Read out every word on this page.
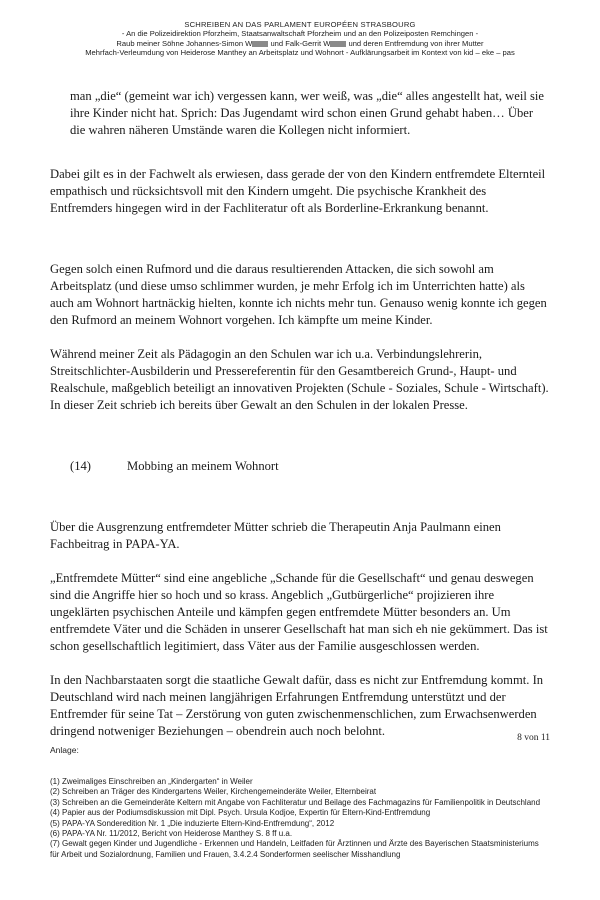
SCHREIBEN AN DAS PARLAMENT EUROPÉEN STRASBOURG
- An die Polizeidirektion Pforzheim, Staatsanwaltschaft Pforzheim und an den Polizeiposten Remchingen -
Raub meiner Söhne Johannes-Simon W und Falk-Gerrit W und deren Entfremdung von ihrer Mutter
Mehrfach-Verleumdung von Heiderose Manthey an Arbeitsplatz und Wohnort - Aufklärungsarbeit im Kontext von kid – eke – pas

man „die“ (gemeint war ich) vergessen kann, wer weiß, was „die“ alles angestellt hat, weil sie ihre Kinder nicht hat. Sprich: Das Jugendamt wird schon einen Grund gehabt haben… Über die wahren näheren Umstände waren die Kollegen nicht informiert.

Dabei gilt es in der Fachwelt als erwiesen, dass gerade der von den Kindern entfremdete Elternteil empathisch und rücksichtsvoll mit den Kindern umgeht. Die psychische Krankheit des Entfremders hingegen wird in der Fachliteratur oft als Borderline-Erkrankung benannt.

Gegen solch einen Rufmord und die daraus resultierenden Attacken, die sich sowohl am Arbeitsplatz (und diese umso schlimmer wurden, je mehr Erfolg ich im Unterrichten hatte) als auch am Wohnort hartnäckig hielten, konnte ich nichts mehr tun. Genauso wenig konnte ich gegen den Rufmord an meinem Wohnort vorgehen. Ich kämpfte um meine Kinder.

Während meiner Zeit als Pädagogin an den Schulen war ich u.a. Verbindungslehrerin, Streitschlichter-Ausbilderin und Pressereferentin für den Gesamtbereich Grund-, Haupt- und Realschule, maßgeblich beteiligt an innovativen Projekten (Schule - Soziales, Schule - Wirtschaft). In dieser Zeit schrieb ich bereits über Gewalt an den Schulen in der lokalen Presse.

(14)	Mobbing an meinem Wohnort

Über die Ausgrenzung entfremdeter Mütter schrieb die Therapeutin Anja Paulmann einen Fachbeitrag in PAPA-YA.

„Entfremdete Mütter“ sind eine angebliche „Schande für die Gesellschaft“ und genau deswegen sind die Angriffe hier so hoch und so krass. Angeblich „Gutbürgerliche“ projizieren ihre ungeklärten psychischen Anteile und kämpfen gegen entfremdete Mütter besonders an. Um entfremdete Väter und die Schäden in unserer Gesellschaft hat man sich eh nie gekümmert. Das ist schon gesellschaftlich legitimiert, dass Väter aus der Familie ausgeschlossen werden.

In den Nachbarstaaten sorgt die staatliche Gewalt dafür, dass es nicht zur Entfremdung kommt. In Deutschland wird nach meinen langjährigen Erfahrungen Entfremdung unterstützt und der Entfremder für seine Tat – Zerstörung von guten zwischenmenschlichen, zum Erwachsenwerden dringend notweniger Beziehungen – obendrein auch noch belohnt.	8 von 11
Anlage:
(1) Zweimaliges Einschreiben an „Kindergarten“ in Weiler
(2) Schreiben an Träger des Kindergartens Weiler, Kirchengemeinderäte Weiler, Elternbeirat
(3) Schreiben an die Gemeinderäte Keltern mit Angabe von Fachliteratur und Beilage des Fachmagazins für Familienpolitik in Deutschland
(4) Papier aus der Podiumsdiskussion mit Dipl. Psych. Ursula Kodjoe, Expertin für Eltern-Kind-Entfremdung
(5) PAPA-YA Sonderedition Nr. 1 „Die induzierte Eltern-Kind-Entfremdung“, 2012
(6) PAPA-YA Nr. 11/2012, Bericht von Heiderose Manthey S. 8 ff u.a.
(7) Gewalt gegen Kinder und Jugendliche - Erkennen und Handeln, Leitfaden für Ärztinnen und Ärzte des Bayerischen Staatsministeriums für Arbeit und Sozialordnung, Familien und Frauen, 3.4.2.4 Sonderformen seelischer Misshandlung
